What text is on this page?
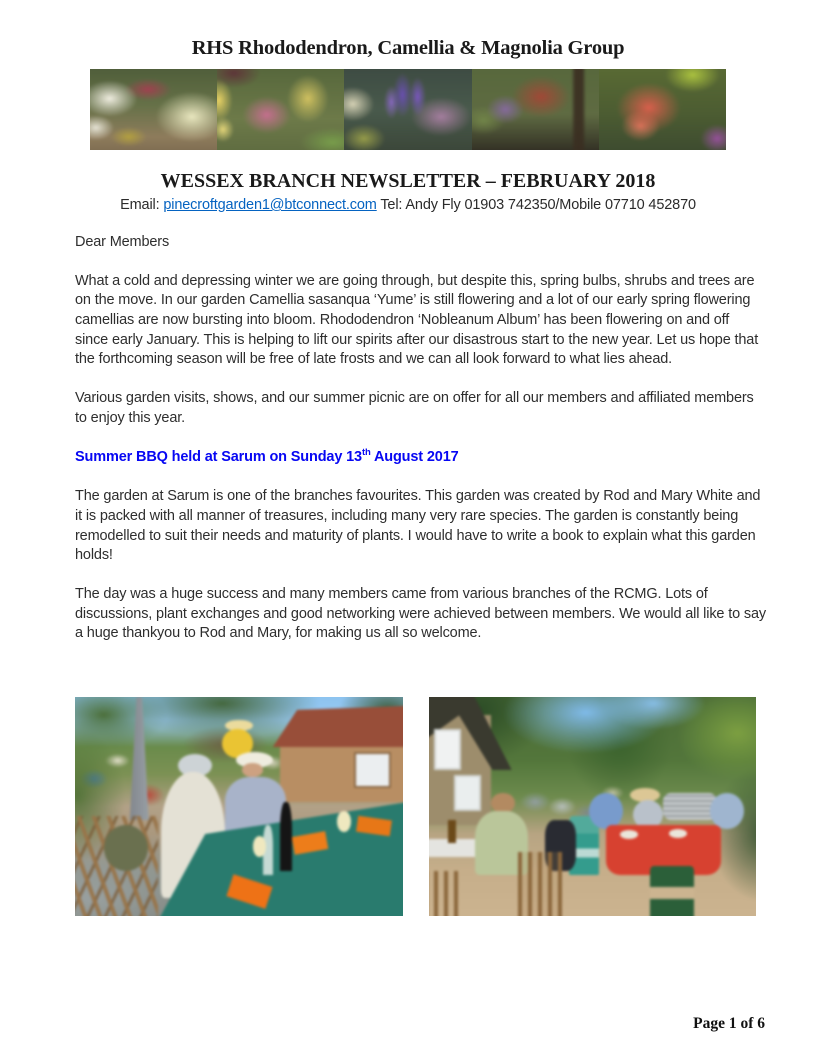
RHS Rhododendron, Camellia & Magnolia Group
WESSEX BRANCH NEWSLETTER – FEBRUARY 2018
Email: pinecroftgarden1@btconnect.com Tel: Andy Fly 01903 742350/Mobile 07710 452870

Dear Members

What a cold and depressing winter we are going through, but despite this, spring bulbs, shrubs and trees are on the move. In our garden Camellia sasanqua ‘Yume’ is still flowering and a lot of our early spring flowering camellias are now bursting into bloom. Rhododendron ‘Nobleanum Album’ has been flowering on and off since early January. This is helping to lift our spirits after our disastrous start to the new year. Let us hope that the forthcoming season will be free of late frosts and we can all look forward to what lies ahead.

Various garden visits, shows, and our summer picnic are on offer for all our members and affiliated members to enjoy this year.

Summer BBQ held at Sarum on Sunday 13th August 2017

The garden at Sarum is one of the branches favourites. This garden was created by Rod and Mary White and it is packed with all manner of treasures, including many very rare species. The garden is constantly being remodelled to suit their needs and maturity of plants. I would have to write a book to explain what this garden holds!

The day was a huge success and many members came from various branches of the RCMG. Lots of discussions, plant exchanges and good networking were achieved between members. We would all like to say a huge thankyou to Rod and Mary, for making us all so welcome.

Page 1 of 6
